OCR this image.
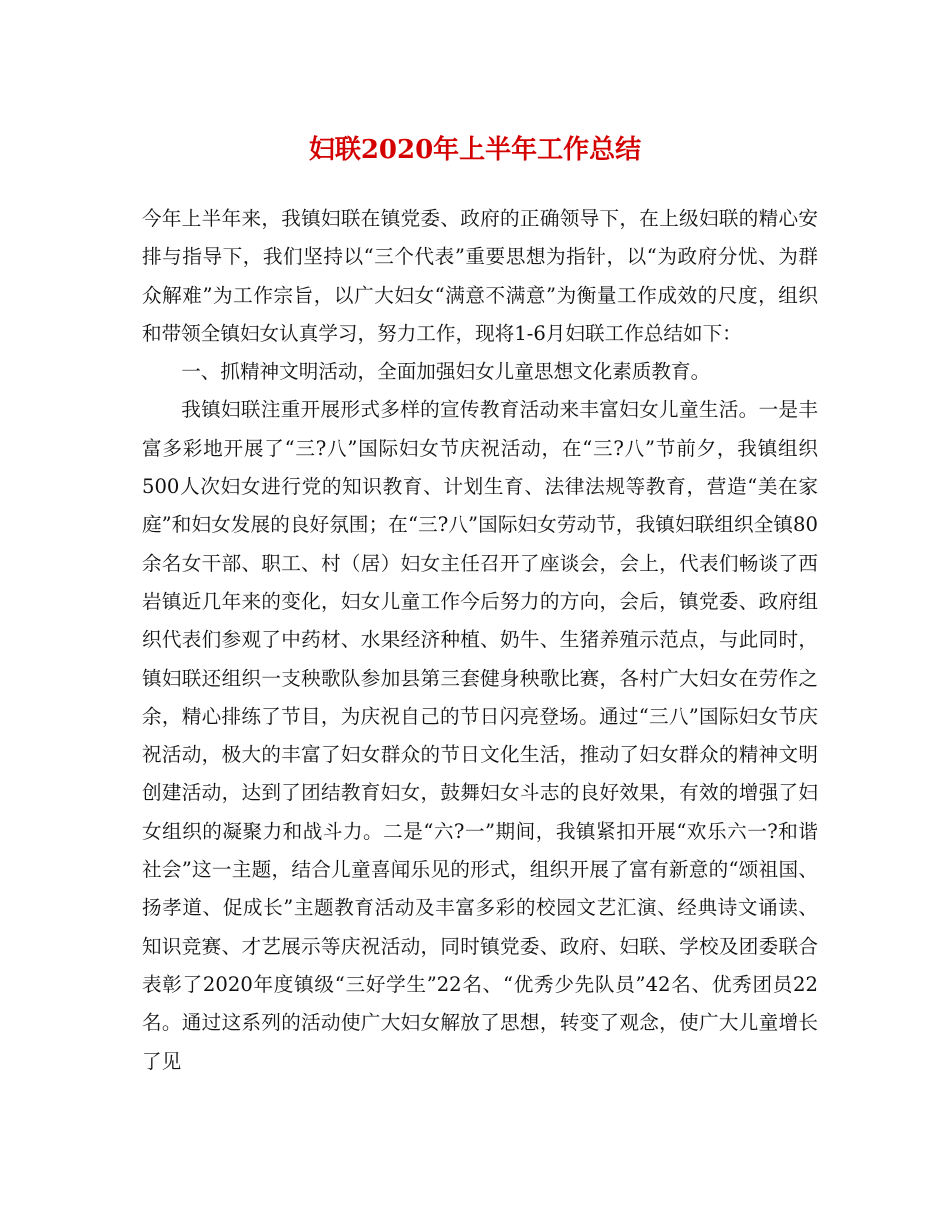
妇联2020年上半年工作总结

今年上半年来，我镇妇联在镇党委、政府的正确领导下，在上级妇联的精心安排与指导下，我们坚持以“三个代表”重要思想为指针，以“为政府分忧、为群众解难”为工作宗旨，以广大妇女“满意不满意”为衡量工作成效的尺度，组织和带领全镇妇女认真学习，努力工作，现将1-6月妇联工作总结如下：

一、抓精神文明活动，全面加强妇女儿童思想文化素质教育。

我镇妇联注重开展形式多样的宣传教育活动来丰富妇女儿童生活。一是丰富多彩地开展了“三?八”国际妇女节庆祝活动，在“三?八”节前夕，我镇组织500人次妇女进行党的知识教育、计划生育、法律法规等教育，营造“美在家庭”和妇女发展的良好氛围；在“三?八”国际妇女劳动节，我镇妇联组织全镇80余名女干部、职工、村（居）妇女主任召开了座谈会，会上，代表们畅谈了西岩镇近几年来的变化，妇女儿童工作今后努力的方向，会后，镇党委、政府组织代表们参观了中药材、水果经济种植、奶牛、生猪养殖示范点，与此同时，镇妇联还组织一支秧歌队参加县第三套健身秧歌比赛，各村广大妇女在劳作之余，精心排练了节目，为庆祝自己的节日闪亮登场。通过“三八”国际妇女节庆祝活动，极大的丰富了妇女群众的节日文化生活，推动了妇女群众的精神文明创建活动，达到了团结教育妇女，鼓舞妇女斗志的良好效果，有效的增强了妇女组织的凝聚力和战斗力。二是“六?一”期间，我镇紧扣开展“欢乐六一?和谐社会”这一主题，结合儿童喜闻乐见的形式，组织开展了富有新意的“颂祖国、扬孝道、促成长”主题教育活动及丰富多彩的校园文艺汇演、经典诗文诵读、知识竞赛、才艺展示等庆祝活动，同时镇党委、政府、妇联、学校及团委联合表彰了2020年度镇级“三好学生”22名、“优秀少先队员”42名、优秀团员22名。通过这系列的活动使广大妇女解放了思想，转变了观念，使广大儿童增长了见
